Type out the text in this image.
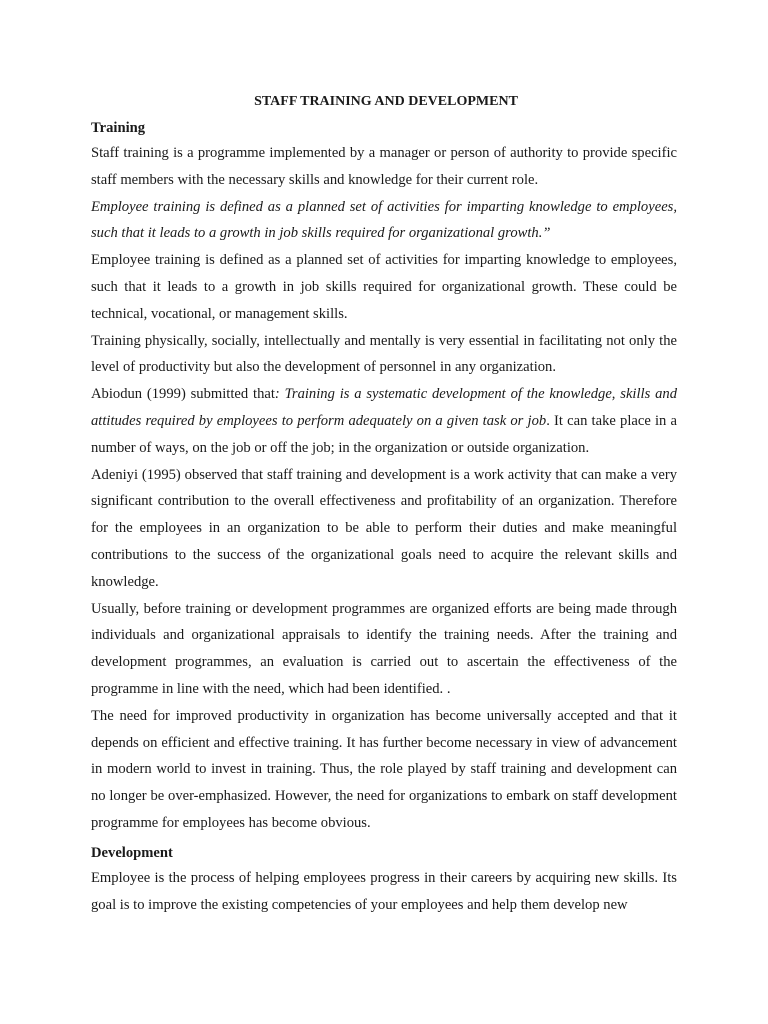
STAFF TRAINING AND DEVELOPMENT

Training

Staff training is a programme implemented by a manager or person of authority to provide specific staff members with the necessary skills and knowledge for their current role.

Employee training is defined as a planned set of activities for imparting knowledge to employees, such that it leads to a growth in job skills required for organizational growth.”

Employee training is defined as a planned set of activities for imparting knowledge to employees, such that it leads to a growth in job skills required for organizational growth. These could be technical, vocational, or management skills.

Training physically, socially, intellectually and mentally is very essential in facilitating not only the level of productivity but also the development of personnel in any organization.

Abiodun (1999) submitted that: Training is a systematic development of the knowledge, skills and attitudes required by employees to perform adequately on a given task or job. It can take place in a number of ways, on the job or off the job; in the organization or outside organization.

Adeniyi (1995) observed that staff training and development is a work activity that can make a very significant contribution to the overall effectiveness and profitability of an organization. Therefore for the employees in an organization to be able to perform their duties and make meaningful contributions to the success of the organizational goals need to acquire the relevant skills and knowledge.

Usually, before training or development programmes are organized efforts are being made through individuals and organizational appraisals to identify the training needs. After the training and development programmes, an evaluation is carried out to ascertain the effectiveness of the programme in line with the need, which had been identified. .

The need for improved productivity in organization has become universally accepted and that it depends on efficient and effective training. It has further become necessary in view of advancement in modern world to invest in training. Thus, the role played by staff training and development can no longer be over-emphasized. However, the need for organizations to embark on staff development programme for employees has become obvious.

Development

Employee is the process of helping employees progress in their careers by acquiring new skills. Its goal is to improve the existing competencies of your employees and help them develop new
